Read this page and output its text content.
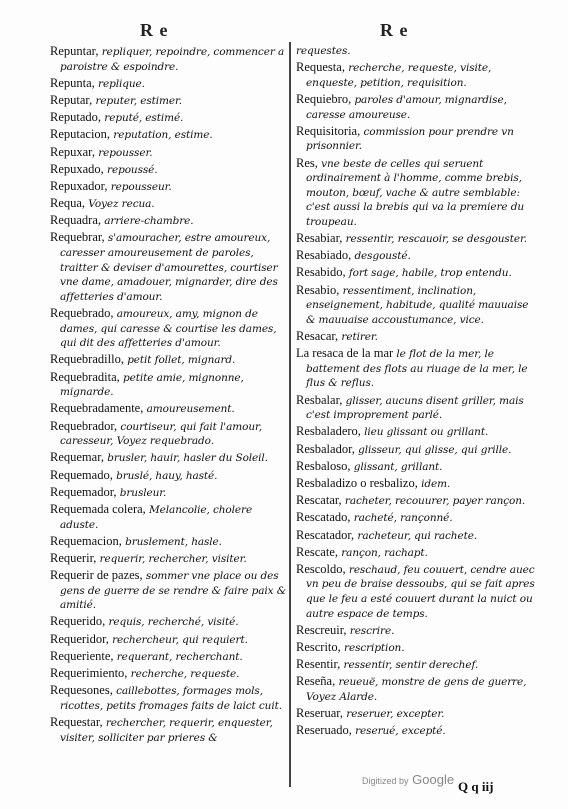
R e	R e

Repuntar, repliquer, repoindre, commencer a paroistre & espoindre.

Repunta, replique.

Reputar, reputer, estimer.

Reputado, reputé, estimé.

Reputacion, reputation, estime.

Repuxar, repousser.

Repuxado, repoussé.

Repuxador, repousseur.

Requa, Voyez recua.

Requadra, arriere-chambre.

Requebrar, s'amouracher, estre amoureux, caresser amoureusement de paroles, traitter & deviser d'amourettes, courtiser vne dame, amadouer, mignarder, dire des affetteries d'amour.

Requebrado, amoureux, amy, mignon de dames, qui caresse & courtise les dames, qui dit des affetteries d'amour.

Requebradillo, petit follet, mignard.

Requebradita, petite amie, mignonne, mignarde.

Requebradamente, amoureusement.

Requebrador, courtiseur, qui fait l'amour, caresseur, Voyez requebrado.

Requemar, brusler, hauir, hasler du Soleil.

Requemado, bruslé, hauy, hasté.

Requemador, brusleur.

Requemada colera, Melancolie, cholere aduste.

Requemacion, bruslement, hasle.

Requerir, requerir, rechercher, visiter.

Requerir de pazes, sommer vne place ou des gens de guerre de se rendre & faire paix & amitié.

Requerido, requis, recherché, visité.

Requeridor, rechercheur, qui requiert.

Requeriente, requerant, recherchant.

Requerimiento, recherche, requeste.

Requesones, caillebottes, formages mols, ricottes, petits fromages faits de laict cuit.

Requestar, rechercher, requerir, enquester, visiter, solliciter par prieres &

requestes.

Requesta, recherche, requeste, visite, enqueste, petition, requisition.

Requiebro, paroles d'amour, mignardise, caresse amoureuse.

Requisitoria, commission pour prendre vn prisonnier.

Res, vne beste de celles qui seruent ordinairement à l'homme, comme brebis, mouton, bœuf, vache & autre semblable: c'est aussi la brebis qui va la premiere du troupeau.

Resabiar, ressentir, rescauoir, se desgouster.

Resabiado, desgousté.

Resabido, fort sage, habile, trop entendu.

Resabio, ressentiment, inclination, enseignement, habitude, qualité mauuaise & mauuaise accoustumance, vice.

Resacar, retirer.

La resaca de la mar le flot de la mer, le battement des flots au riuage de la mer, le flus & reflus.

Resbalar, glisser, aucuns disent griller, mais c'est improprement parlé.

Resbaladero, lieu glissant ou grillant.

Resbalador, glisseur, qui glisse, qui grille.

Resbaloso, glissant, grillant.

Resbaladizo o resbalizo, idem.

Rescatar, racheter, recouurer, payer rançon.

Rescatado, racheté, rançonné.

Rescatador, racheteur, qui rachete.

Rescate, rançon, rachapt.

Rescoldo, reschaud, feu couuert, cendre auec vn peu de braise dessoubs, qui se fait apres que le feu a esté couuert durant la nuict ou autre espace de temps.

Rescreuir, rescrire.

Rescrito, rescription.

Resentir, ressentir, sentir derechef.

Reseña, reueuë, monstre de gens de guerre, Voyez Alarde.

Reseruar, reseruer, excepter.

Reseruado, reserué, excepté.

Digitized by Google Q q iij
